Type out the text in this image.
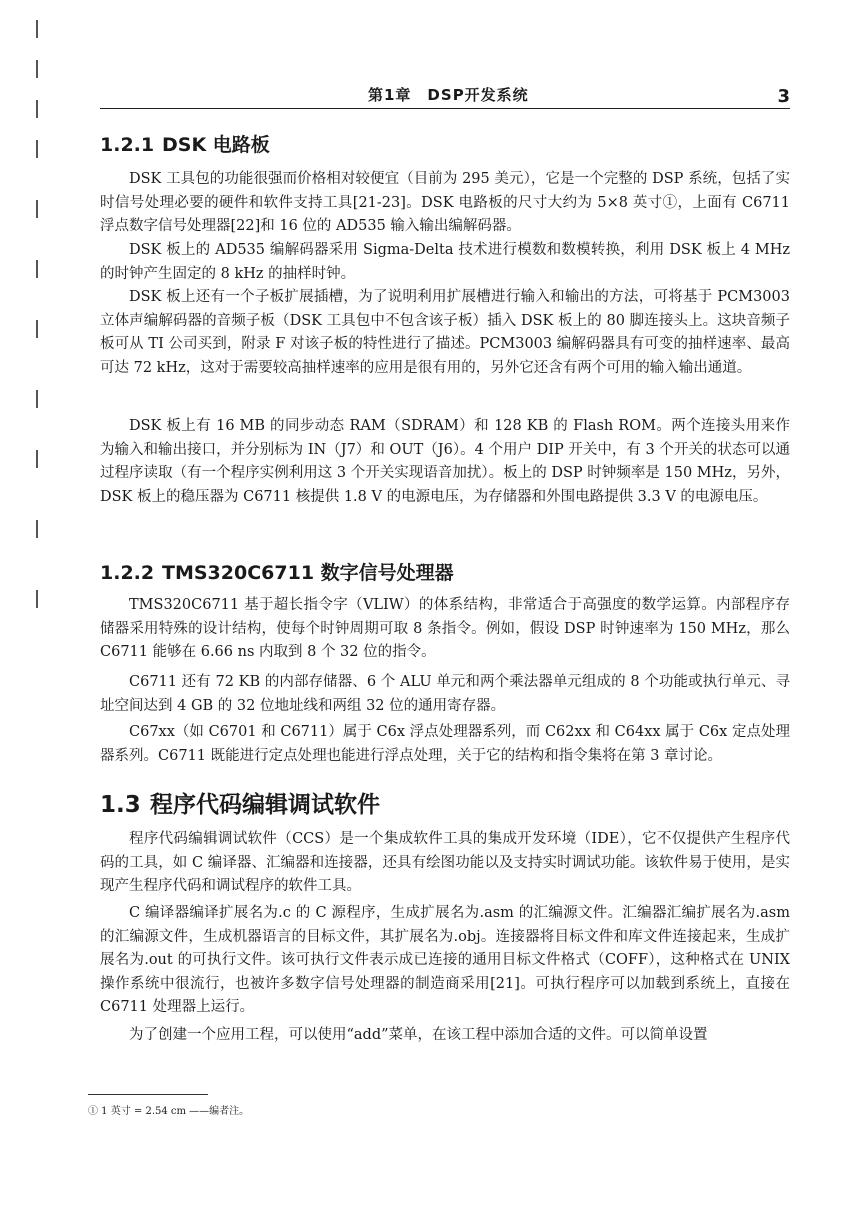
第1章　DSP开发系统	3
1.2.1 DSK 电路板

DSK 工具包的功能很强而价格相对较便宜（目前为 295 美元），它是一个完整的 DSP 系统，包括了实时信号处理必要的硬件和软件支持工具[21-23]。DSK 电路板的尺寸大约为 5×8 英寸①，上面有 C6711 浮点数字信号处理器[22]和 16 位的 AD535 输入输出编解码器。

DSK 板上的 AD535 编解码器采用 Sigma-Delta 技术进行模数和数模转换，利用 DSK 板上 4 MHz 的时钟产生固定的 8 kHz 的抽样时钟。

DSK 板上还有一个子板扩展插槽，为了说明利用扩展槽进行输入和输出的方法，可将基于 PCM3003 立体声编解码器的音频子板（DSK 工具包中不包含该子板）插入 DSK 板上的 80 脚连接头上。这块音频子板可从 TI 公司买到，附录 F 对该子板的特性进行了描述。PCM3003 编解码器具有可变的抽样速率、最高可达 72 kHz，这对于需要较高抽样速率的应用是很有用的，另外它还含有两个可用的输入输出通道。

DSK 板上有 16 MB 的同步动态 RAM（SDRAM）和 128 KB 的 Flash ROM。两个连接头用来作为输入和输出接口，并分别标为 IN（J7）和 OUT（J6）。4 个用户 DIP 开关中，有 3 个开关的状态可以通过程序读取（有一个程序实例利用这 3 个开关实现语音加扰）。板上的 DSP 时钟频率是 150 MHz，另外，DSK 板上的稳压器为 C6711 核提供 1.8 V 的电源电压，为存储器和外围电路提供 3.3 V 的电源电压。

1.2.2 TMS320C6711 数字信号处理器

TMS320C6711 基于超长指令字（VLIW）的体系结构，非常适合于高强度的数学运算。内部程序存储器采用特殊的设计结构，使每个时钟周期可取 8 条指令。例如，假设 DSP 时钟速率为 150 MHz，那么 C6711 能够在 6.66 ns 内取到 8 个 32 位的指令。

C6711 还有 72 KB 的内部存储器、6 个 ALU 单元和两个乘法器单元组成的 8 个功能或执行单元、寻址空间达到 4 GB 的 32 位地址线和两组 32 位的通用寄存器。

C67xx（如 C6701 和 C6711）属于 C6x 浮点处理器系列，而 C62xx 和 C64xx 属于 C6x 定点处理器系列。C6711 既能进行定点处理也能进行浮点处理，关于它的结构和指令集将在第 3 章讨论。

1.3 程序代码编辑调试软件

程序代码编辑调试软件（CCS）是一个集成软件工具的集成开发环境（IDE），它不仅提供产生程序代码的工具，如 C 编译器、汇编器和连接器，还具有绘图功能以及支持实时调试功能。该软件易于使用，是实现产生程序代码和调试程序的软件工具。

C 编译器编译扩展名为.c 的 C 源程序，生成扩展名为.asm 的汇编源文件。汇编器汇编扩展名为.asm 的汇编源文件，生成机器语言的目标文件，其扩展名为.obj。连接器将目标文件和库文件连接起来，生成扩展名为.out 的可执行文件。该可执行文件表示成已连接的通用目标文件格式（COFF），这种格式在 UNIX 操作系统中很流行，也被许多数字信号处理器的制造商采用[21]。可执行程序可以加载到系统上，直接在 C6711 处理器上运行。

为了创建一个应用工程，可以使用“add”菜单，在该工程中添加合适的文件。可以简单设置

① 1 英寸 = 2.54 cm ——编者注。
